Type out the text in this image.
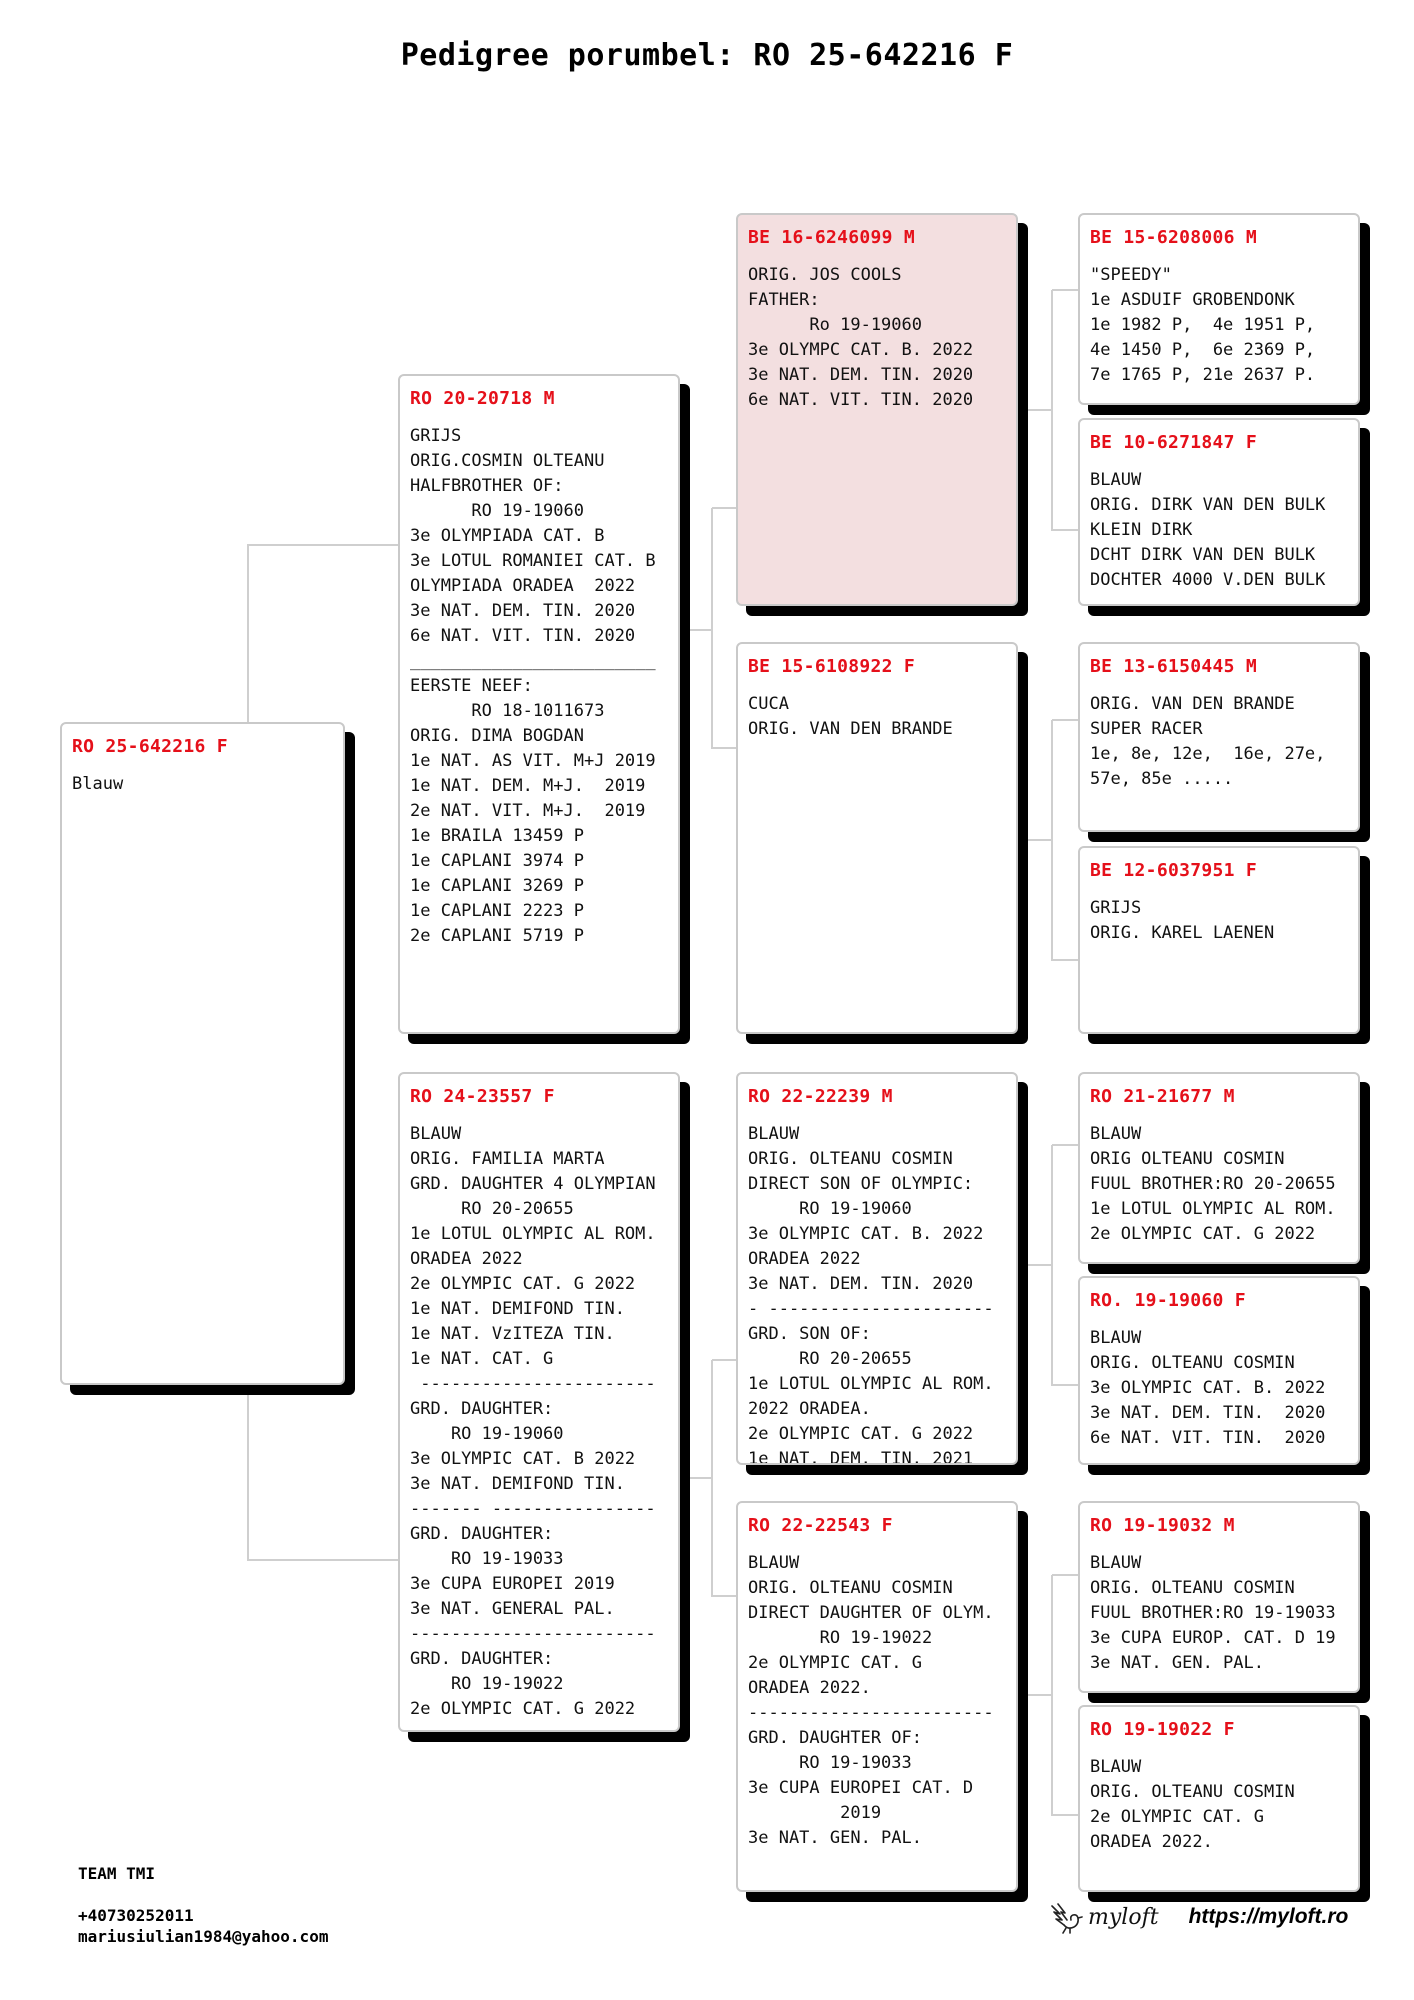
Pedigree porumbel: RO 25-642216 F
RO 25-642216 F
Blauw
RO 20-20718 M
GRIJS
ORIG.COSMIN OLTEANU
HALFBROTHER OF:
RO 19-19060
3e OLYMPIADA CAT. B
3e LOTUL ROMANIEI CAT. B
OLYMPIADA ORADEA  2022
3e NAT. DEM. TIN. 2020
6e NAT. VIT. TIN. 2020
________________________
EERSTE NEEF:
RO 18-1011673
ORIG. DIMA BOGDAN
1e NAT. AS VIT. M+J 2019
1e NAT. DEM. M+J.  2019
2e NAT. VIT. M+J.  2019
1e BRAILA 13459 P
1e CAPLANI 3974 P
1e CAPLANI 3269 P
1e CAPLANI 2223 P
2e CAPLANI 5719 P
RO 24-23557 F
BLAUW
ORIG. FAMILIA MARTA
GRD. DAUGHTER 4 OLYMPIAN
RO 20-20655
1e LOTUL OLYMPIC AL ROM.
ORADEA 2022
2e OLYMPIC CAT. G 2022
1e NAT. DEMIFOND TIN.
1e NAT. VzITEZA TIN.
1e NAT. CAT. G
-----------------------
GRD. DAUGHTER:
RO 19-19060
3e OLYMPIC CAT. B 2022
3e NAT. DEMIFOND TIN.
------- ----------------
GRD. DAUGHTER:
RO 19-19033
3e CUPA EUROPEI 2019
3e NAT. GENERAL PAL.
------------------------
GRD. DAUGHTER:
RO 19-19022
2e OLYMPIC CAT. G 2022
BE 16-6246099 M
ORIG. JOS COOLS
FATHER:
Ro 19-19060
3e OLYMPC CAT. B. 2022
3e NAT. DEM. TIN. 2020
6e NAT. VIT. TIN. 2020
BE 15-6108922 F
CUCA
ORIG. VAN DEN BRANDE
RO 22-22239 M
BLAUW
ORIG. OLTEANU COSMIN
DIRECT SON OF OLYMPIC:
RO 19-19060
3e OLYMPIC CAT. B. 2022
ORADEA 2022
3e NAT. DEM. TIN. 2020
- ----------------------
GRD. SON OF:
RO 20-20655
1e LOTUL OLYMPIC AL ROM.
2022 ORADEA.
2e OLYMPIC CAT. G 2022
1e NAT. DEM. TIN. 2021
RO 22-22543 F
BLAUW
ORIG. OLTEANU COSMIN
DIRECT DAUGHTER OF OLYM.
RO 19-19022
2e OLYMPIC CAT. G
ORADEA 2022.
------------------------
GRD. DAUGHTER OF:
RO 19-19033
3e CUPA EUROPEI CAT. D
2019
3e NAT. GEN. PAL.
BE 15-6208006 M
"SPEEDY"
1e ASDUIF GROBENDONK
1e 1982 P,  4e 1951 P,
4e 1450 P,  6e 2369 P,
7e 1765 P, 21e 2637 P.
BE 10-6271847 F
BLAUW
ORIG. DIRK VAN DEN BULK
KLEIN DIRK
DCHT DIRK VAN DEN BULK
DOCHTER 4000 V.DEN BULK
BE 13-6150445 M
ORIG. VAN DEN BRANDE
SUPER RACER
1e, 8e, 12e,  16e, 27e,
57e, 85e .....
BE 12-6037951 F
GRIJS
ORIG. KAREL LAENEN
RO 21-21677 M
BLAUW
ORIG OLTEANU COSMIN
FUUL BROTHER:RO 20-20655
1e LOTUL OLYMPIC AL ROM.
2e OLYMPIC CAT. G 2022
RO. 19-19060 F
BLAUW
ORIG. OLTEANU COSMIN
3e OLYMPIC CAT. B. 2022
3e NAT. DEM. TIN.  2020
6e NAT. VIT. TIN.  2020
RO 19-19032 M
BLAUW
ORIG. OLTEANU COSMIN
FUUL BROTHER:RO 19-19033
3e CUPA EUROP. CAT. D 19
3e NAT. GEN. PAL.
RO 19-19022 F
BLAUW
ORIG. OLTEANU COSMIN
2e OLYMPIC CAT. G
ORADEA 2022.
TEAM TMI
+40730252011
mariusiulian1984@yahoo.com
myloft https://myloft.ro
